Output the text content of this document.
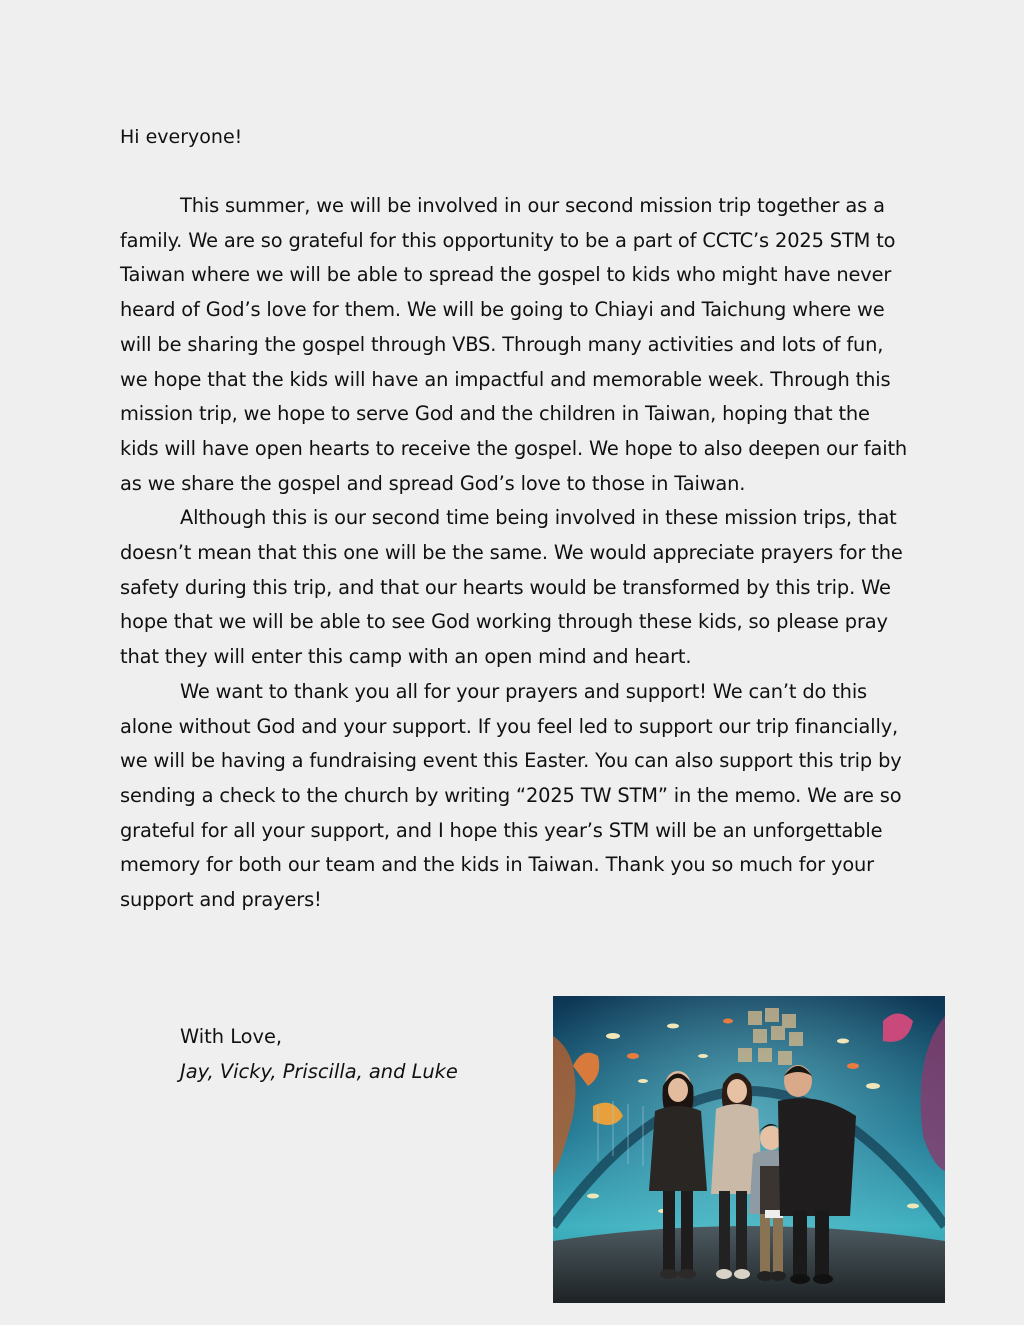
Hi everyone!

This summer, we will be involved in our second mission trip together as a family. We are so grateful for this opportunity to be a part of CCTC’s 2025 STM to Taiwan where we will be able to spread the gospel to kids who might have never heard of God’s love for them. We will be going to Chiayi and Taichung where we will be sharing the gospel through VBS. Through many activities and lots of fun, we hope that the kids will have an impactful and memorable week. Through this mission trip, we hope to serve God and the children in Taiwan, hoping that the kids will have open hearts to receive the gospel. We hope to also deepen our faith as we share the gospel and spread God’s love to those in Taiwan.

Although this is our second time being involved in these mission trips, that doesn’t mean that this one will be the same. We would appreciate prayers for the safety during this trip, and that our hearts would be transformed by this trip. We hope that we will be able to see God working through these kids, so please pray that they will enter this camp with an open mind and heart.

We want to thank you all for your prayers and support! We can’t do this alone without God and your support. If you feel led to support our trip financially, we will be having a fundraising event this Easter. You can also support this trip by sending a check to the church by writing “2025 TW STM” in the memo. We are so grateful for all your support, and I hope this year’s STM will be an unforgettable memory for both our team and the kids in Taiwan. Thank you so much for your support and prayers!

With Love,
Jay, Vicky, Priscilla, and Luke
